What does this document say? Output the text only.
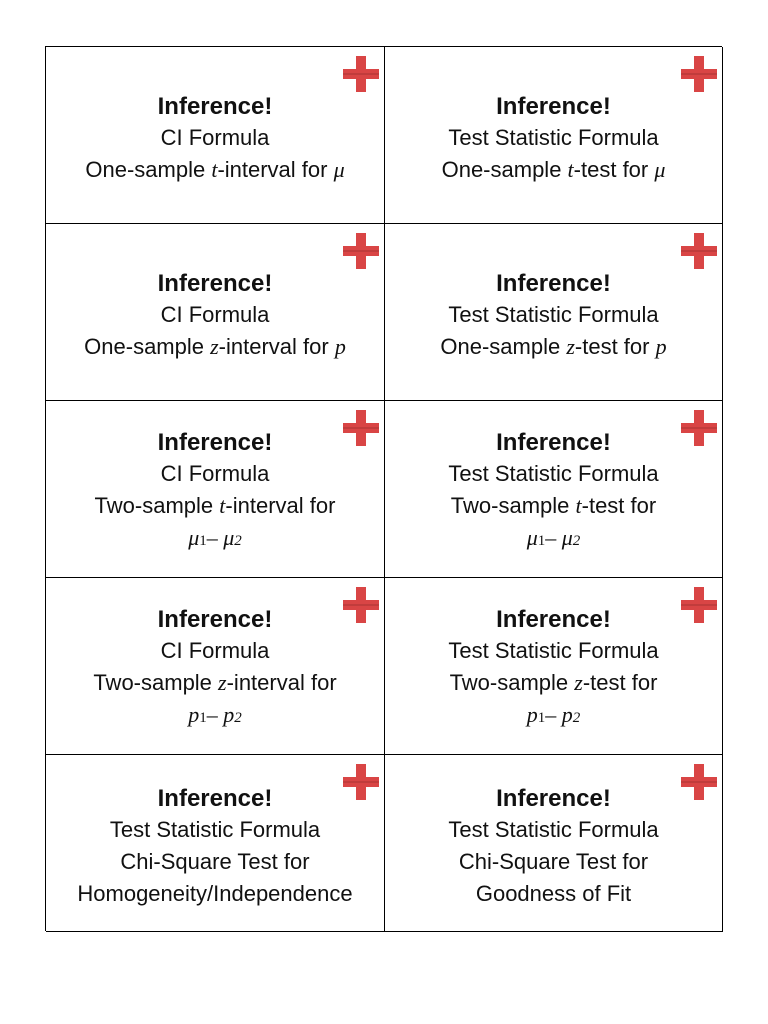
Inference!

CI Formula

One-sample t-interval for μ

Inference!

Test Statistic Formula

One-sample t-test for μ

Inference!

CI Formula

One-sample z-interval for p

Inference!

Test Statistic Formula

One-sample z-test for p

Inference!

CI Formula

Two-sample t-interval for

μ1– μ2

Inference!

Test Statistic Formula

Two-sample t-test for

μ1– μ2

Inference!

CI Formula

Two-sample z-interval for

p1– p2

Inference!

Test Statistic Formula

Two-sample z-test for

p1– p2

Inference!

Test Statistic Formula

Chi-Square Test for

Homogeneity/Independence

Inference!

Test Statistic Formula

Chi-Square Test for

Goodness of Fit
